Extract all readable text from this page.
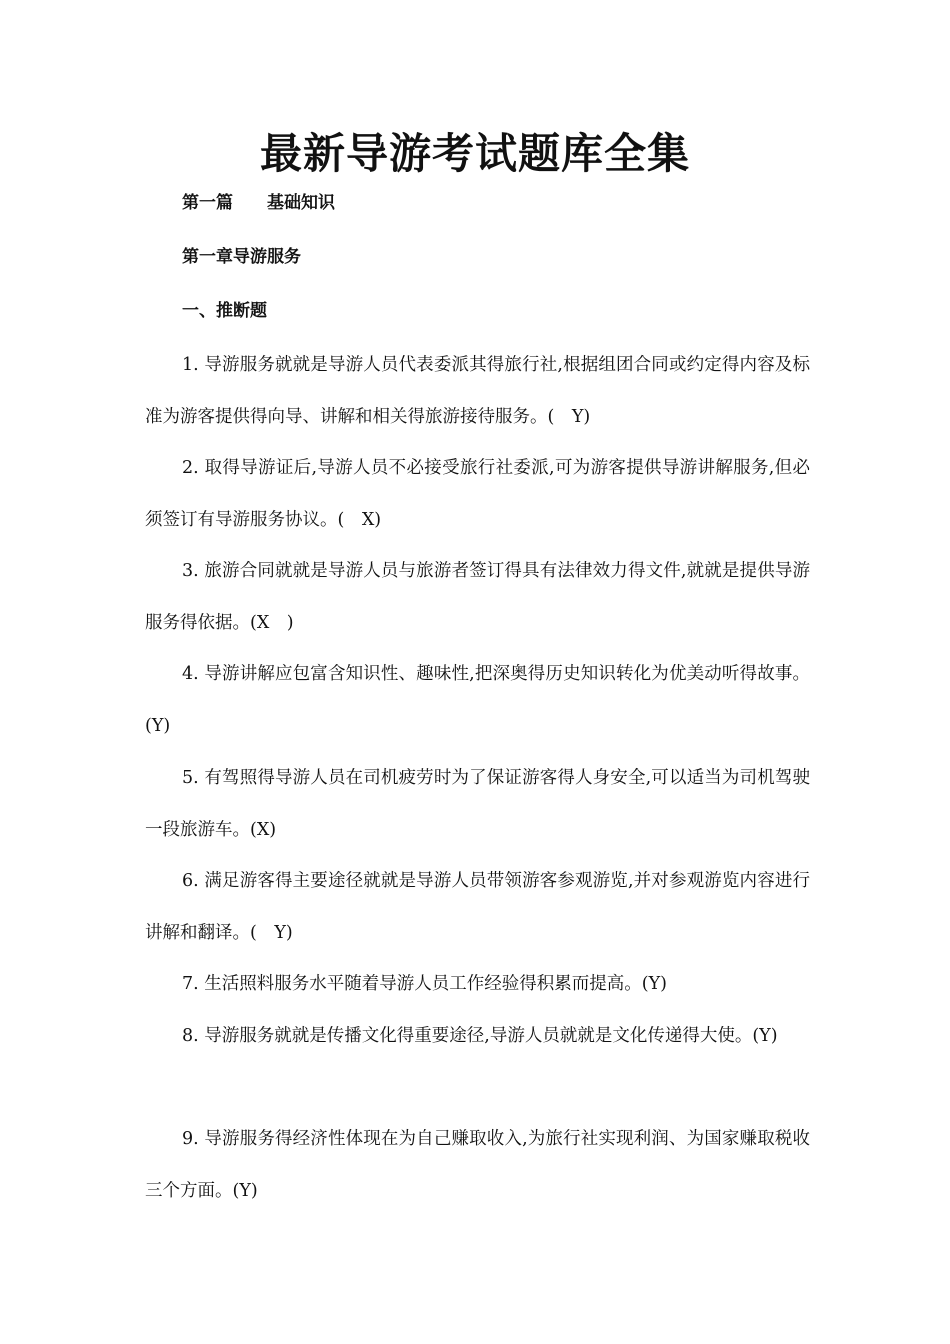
最新导游考试题库全集
第一篇 基础知识
第一章导游服务
一、推断题

1. 导游服务就就是导游人员代表委派其得旅行社,根据组团合同或约定得内容及标准为游客提供得向导、讲解和相关得旅游接待服务。(　Y)

2. 取得导游证后,导游人员不必接受旅行社委派,可为游客提供导游讲解服务,但必须签订有导游服务协议。(　X)

3. 旅游合同就就是导游人员与旅游者签订得具有法律效力得文件,就就是提供导游服务得依据。(X　)

4. 导游讲解应包富含知识性、趣味性,把深奥得历史知识转化为优美动听得故事。(Y)

5. 有驾照得导游人员在司机疲劳时为了保证游客得人身安全,可以适当为司机驾驶一段旅游车。(X)

6. 满足游客得主要途径就就是导游人员带领游客参观游览,并对参观游览内容进行讲解和翻译。(　Y)

7. 生活照料服务水平随着导游人员工作经验得积累而提高。(Y)

8. 导游服务就就是传播文化得重要途径,导游人员就就是文化传递得大使。(Y)

9. 导游服务得经济性体现在为自己赚取收入,为旅行社实现利润、为国家赚取税收三个方面。(Y)
